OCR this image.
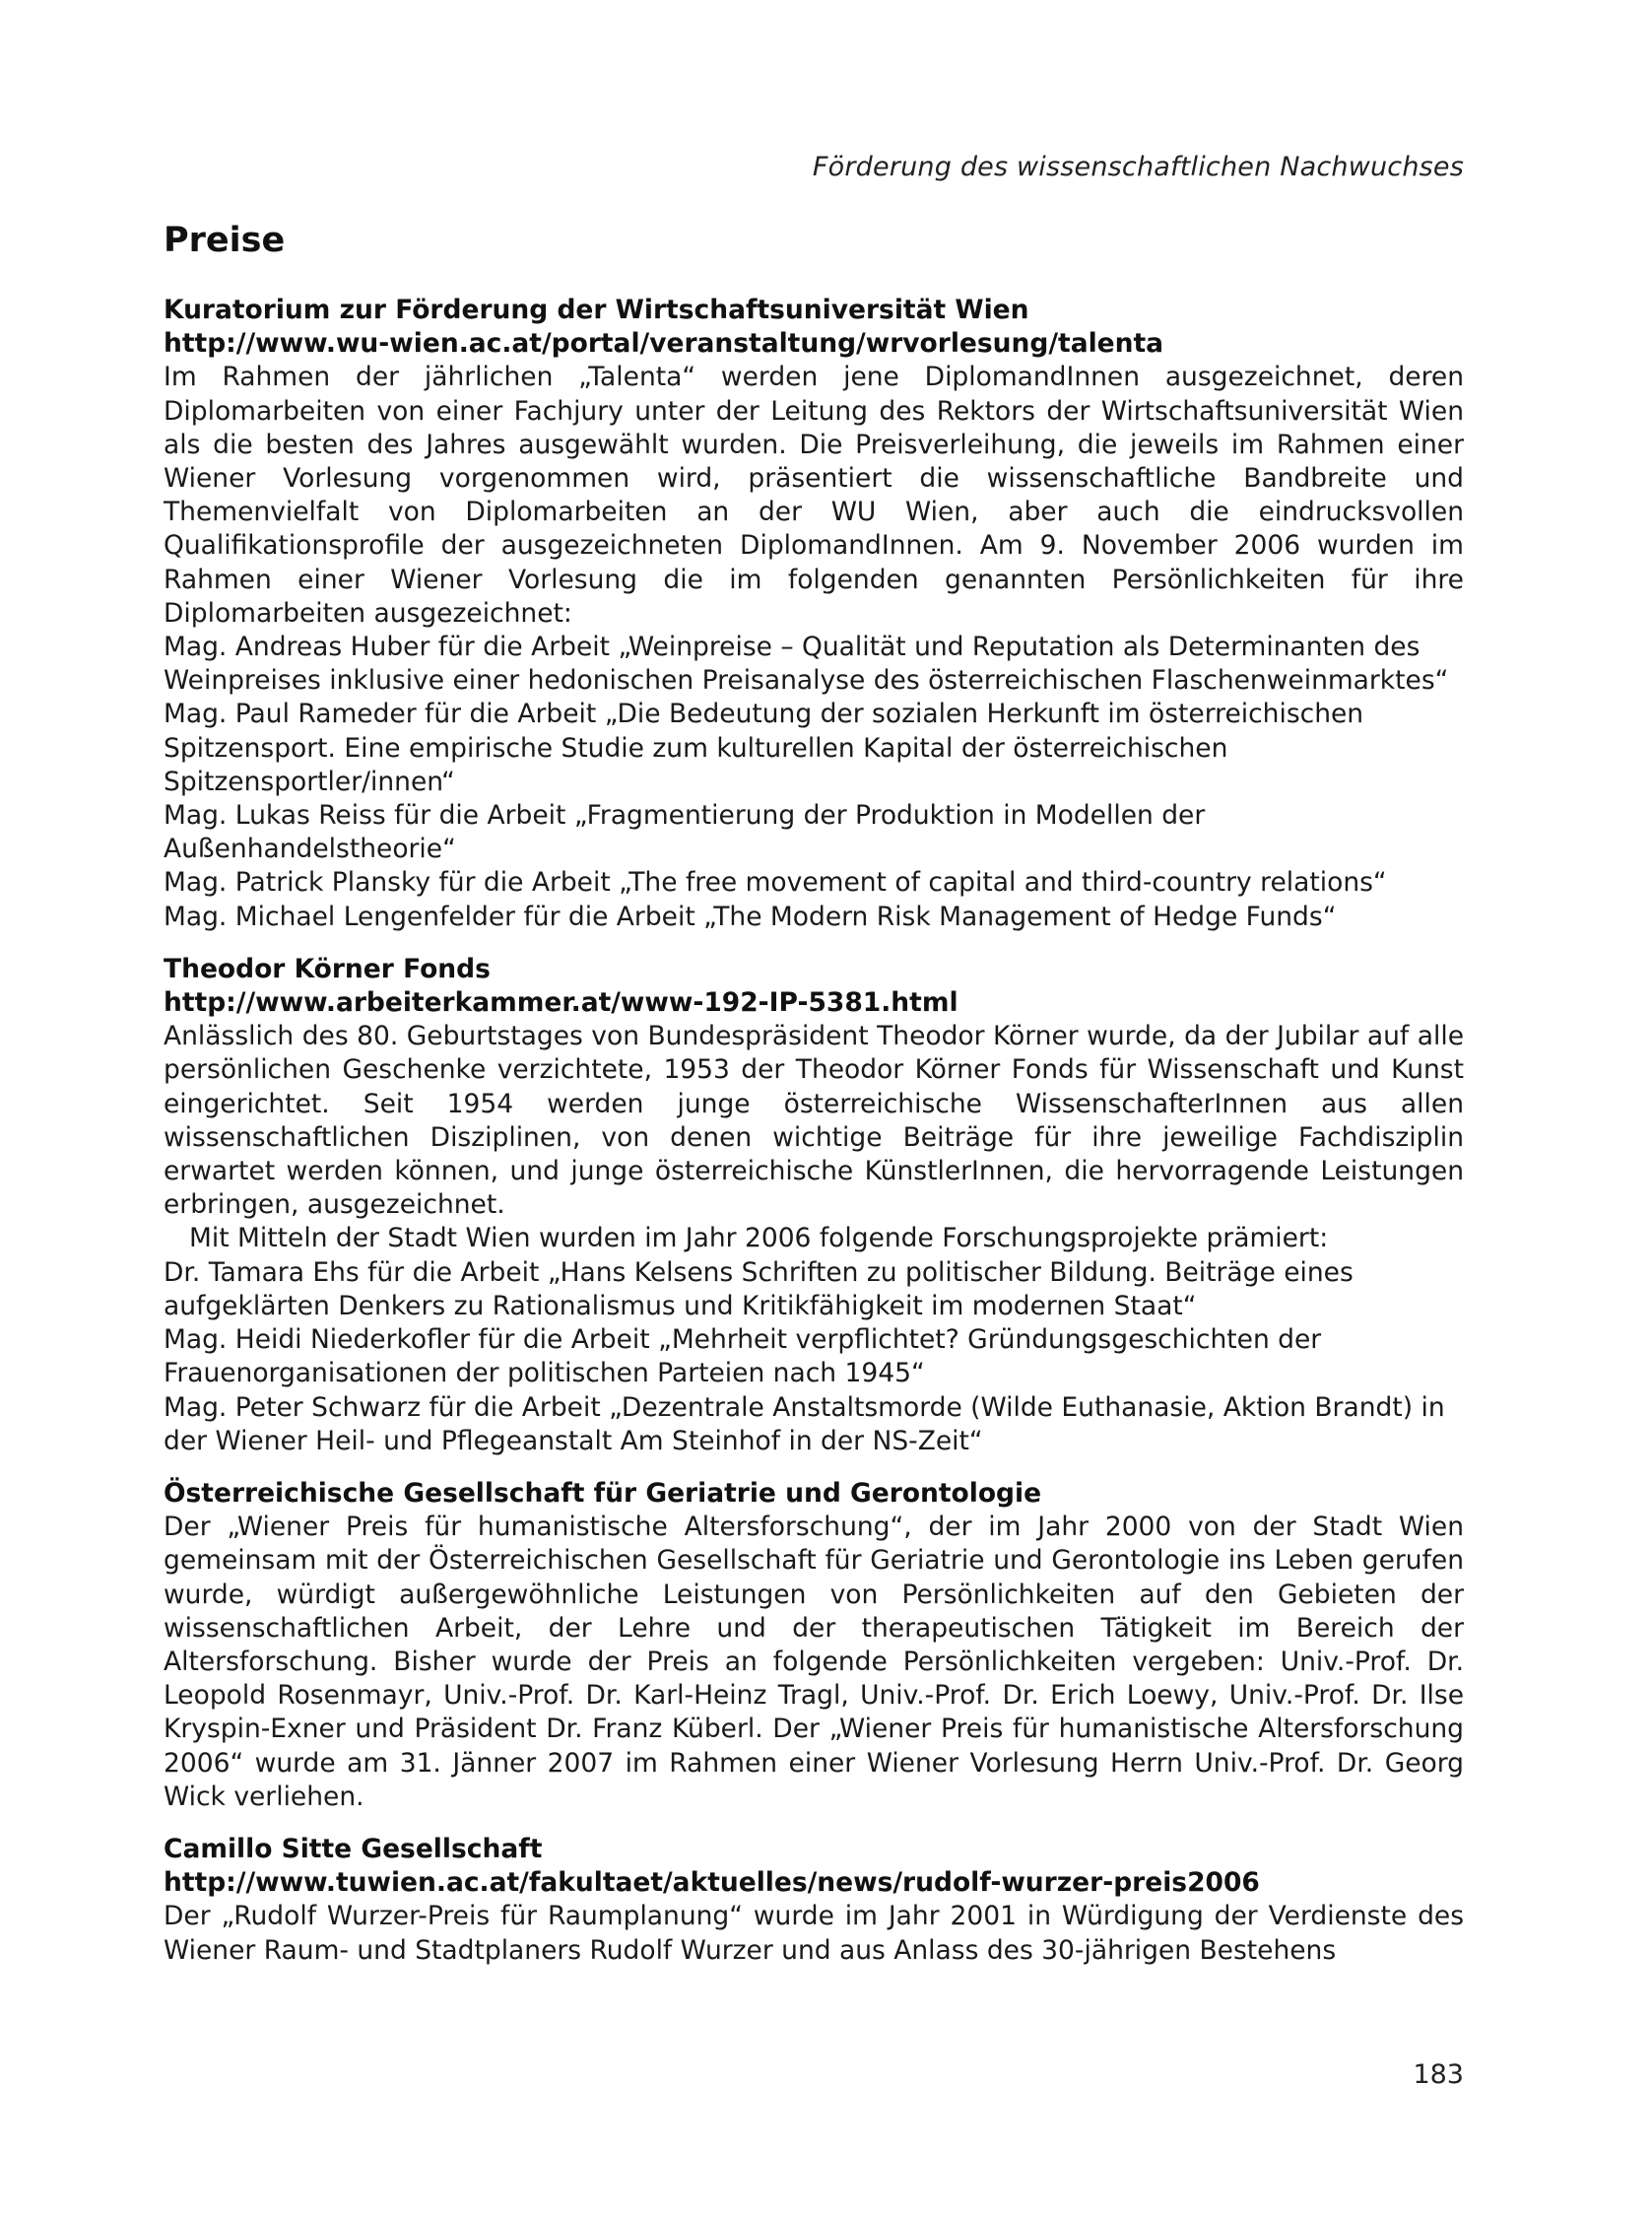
Förderung des wissenschaftlichen Nachwuchses
Preise
Kuratorium zur Förderung der Wirtschaftsuniversität Wien
http://www.wu-wien.ac.at/portal/veranstaltung/wrvorlesung/talenta

Im Rahmen der jährlichen „Talenta“ werden jene DiplomandInnen ausgezeichnet, deren Diplomarbeiten von einer Fachjury unter der Leitung des Rektors der Wirtschaftsuniversität Wien als die besten des Jahres ausgewählt wurden. Die Preisverleihung, die jeweils im Rahmen einer Wiener Vorlesung vorgenommen wird, präsentiert die wissenschaftliche Bandbreite und Themenvielfalt von Diplomarbeiten an der WU Wien, aber auch die eindrucksvollen Qualifikationsprofile der ausgezeichneten DiplomandInnen. Am 9. November 2006 wurden im Rahmen einer Wiener Vorlesung die im folgenden genannten Persönlichkeiten für ihre Diplomarbeiten ausgezeichnet:

Mag. Andreas Huber für die Arbeit „Weinpreise – Qualität und Reputation als Determinanten des Weinpreises inklusive einer hedonischen Preisanalyse des österreichischen Flaschenweinmarktes“

Mag. Paul Rameder für die Arbeit „Die Bedeutung der sozialen Herkunft im österreichischen Spitzensport. Eine empirische Studie zum kulturellen Kapital der österreichischen Spitzensportler/innen“

Mag. Lukas Reiss für die Arbeit „Fragmentierung der Produktion in Modellen der Außenhandelstheorie“

Mag. Patrick Plansky für die Arbeit „The free movement of capital and third-country relations“

Mag. Michael Lengenfelder für die Arbeit „The Modern Risk Management of Hedge Funds“

Theodor Körner Fonds
http://www.arbeiterkammer.at/www-192-IP-5381.html

Anlässlich des 80. Geburtstages von Bundespräsident Theodor Körner wurde, da der Jubilar auf alle persönlichen Geschenke verzichtete, 1953 der Theodor Körner Fonds für Wissenschaft und Kunst eingerichtet. Seit 1954 werden junge österreichische WissenschafterInnen aus allen wissenschaftlichen Disziplinen, von denen wichtige Beiträge für ihre jeweilige Fachdisziplin erwartet werden können, und junge österreichische KünstlerInnen, die hervorragende Leistungen erbringen, ausgezeichnet.

Mit Mitteln der Stadt Wien wurden im Jahr 2006 folgende Forschungsprojekte prämiert:

Dr. Tamara Ehs für die Arbeit „Hans Kelsens Schriften zu politischer Bildung. Beiträge eines aufgeklärten Denkers zu Rationalismus und Kritikfähigkeit im modernen Staat“

Mag. Heidi Niederkofler für die Arbeit „Mehrheit verpflichtet? Gründungsgeschichten der Frauenorganisationen der politischen Parteien nach 1945“

Mag. Peter Schwarz für die Arbeit „Dezentrale Anstaltsmorde (Wilde Euthanasie, Aktion Brandt) in der Wiener Heil- und Pflegeanstalt Am Steinhof in der NS-Zeit“

Österreichische Gesellschaft für Geriatrie und Gerontologie

Der „Wiener Preis für humanistische Altersforschung“, der im Jahr 2000 von der Stadt Wien gemeinsam mit der Österreichischen Gesellschaft für Geriatrie und Gerontologie ins Leben gerufen wurde, würdigt außergewöhnliche Leistungen von Persönlichkeiten auf den Gebieten der wissenschaftlichen Arbeit, der Lehre und der therapeutischen Tätigkeit im Bereich der Altersforschung. Bisher wurde der Preis an folgende Persönlichkeiten vergeben: Univ.-Prof. Dr. Leopold Rosenmayr, Univ.-Prof. Dr. Karl-Heinz Tragl, Univ.-Prof. Dr. Erich Loewy, Univ.-Prof. Dr. Ilse Kryspin-Exner und Präsident Dr. Franz Küberl. Der „Wiener Preis für humanistische Altersforschung 2006“ wurde am 31. Jänner 2007 im Rahmen einer Wiener Vorlesung Herrn Univ.-Prof. Dr. Georg Wick verliehen.

Camillo Sitte Gesellschaft
http://www.tuwien.ac.at/fakultaet/aktuelles/news/rudolf-wurzer-preis2006

Der „Rudolf Wurzer-Preis für Raumplanung“ wurde im Jahr 2001 in Würdigung der Verdienste des Wiener Raum- und Stadtplaners Rudolf Wurzer und aus Anlass des 30-jährigen Bestehens

183
